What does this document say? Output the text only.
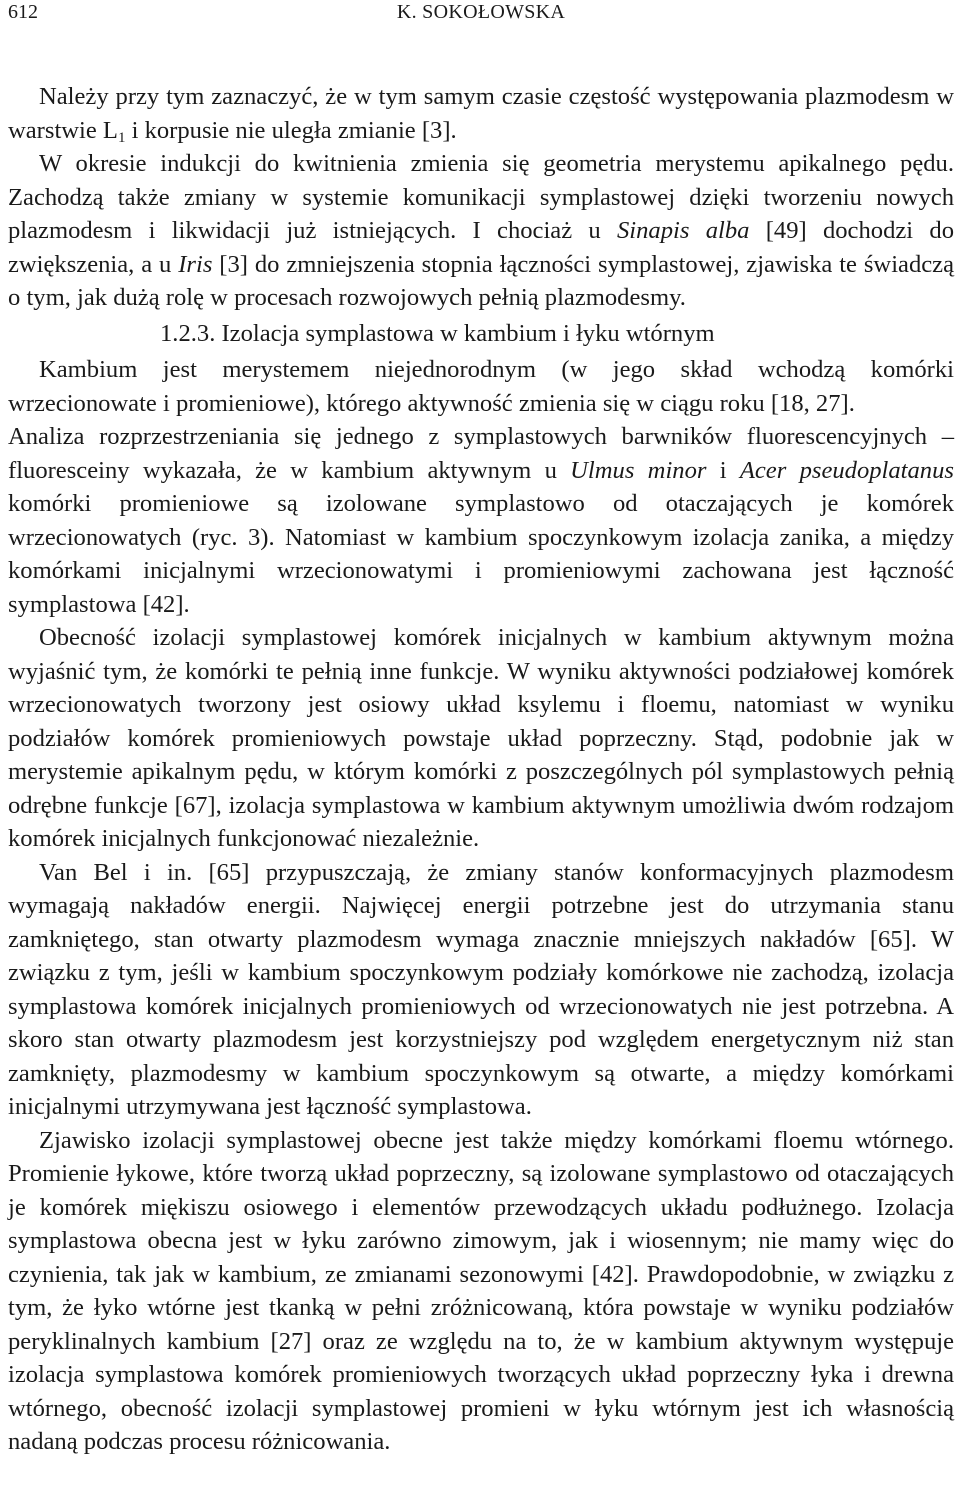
612	K. SOKOŁOWSKA

Należy przy tym zaznaczyć, że w tym samym czasie częstość występowania plazmodesm w warstwie $L_1$ i korpusie nie uległa zmianie [3].

W okresie indukcji do kwitnienia zmienia się geometria merystemu apikalnego pędu. Zachodzą także zmiany w systemie komunikacji symplastowej dzięki tworzeniu nowych plazmodesm i likwidacji już istniejących. I chociaż u Sinapis alba [49] dochodzi do zwiększenia, a u Iris [3] do zmniejszenia stopnia łączności symplastowej, zjawiska te świadczą o tym, jak dużą rolę w procesach rozwojowych pełnią plazmodesmy.

1.2.3. Izolacja symplastowa w kambium i łyku wtórnym

Kambium jest merystemem niejednorodnym (w jego skład wchodzą komórki wrzecionowate i promieniowe), którego aktywność zmienia się w ciągu roku [18, 27].

Analiza rozprzestrzeniania się jednego z symplastowych barwników fluorescencyjnych – fluoresceiny wykazała, że w kambium aktywnym u Ulmus minor i Acer pseudoplatanus komórki promieniowe są izolowane symplastowo od otaczających je komórek wrzecionowatych (ryc. 3). Natomiast w kambium spoczynkowym izolacja zanika, a między komórkami inicjalnymi wrzecionowatymi i promieniowymi zachowana jest łączność symplastowa [42].

Obecność izolacji symplastowej komórek inicjalnych w kambium aktywnym można wyjaśnić tym, że komórki te pełnią inne funkcje. W wyniku aktywności podziałowej komórek wrzecionowatych tworzony jest osiowy układ ksylemu i floemu, natomiast w wyniku podziałów komórek promieniowych powstaje układ poprzeczny. Stąd, podobnie jak w merystemie apikalnym pędu, w którym komórki z poszczególnych pól symplastowych pełnią odrębne funkcje [67], izolacja symplastowa w kambium aktywnym umożliwia dwóm rodzajom komórek inicjalnych funkcjonować niezależnie.

Van Bel i in. [65] przypuszczają, że zmiany stanów konformacyjnych plazmodesm wymagają nakładów energii. Najwięcej energii potrzebne jest do utrzymania stanu zamkniętego, stan otwarty plazmodesm wymaga znacznie mniejszych nakładów [65]. W związku z tym, jeśli w kambium spoczynkowym podziały komórkowe nie zachodzą, izolacja symplastowa komórek inicjalnych promieniowych od wrzecionowatych nie jest potrzebna. A skoro stan otwarty plazmodesm jest korzystniejszy pod względem energetycznym niż stan zamknięty, plazmodesmy w kambium spoczynkowym są otwarte, a między komórkami inicjalnymi utrzymywana jest łączność symplastowa.

Zjawisko izolacji symplastowej obecne jest także między komórkami floemu wtórnego. Promienie łykowe, które tworzą układ poprzeczny, są izolowane symplastowo od otaczających je komórek miękiszu osiowego i elementów przewodzących układu podłużnego. Izolacja symplastowa obecna jest w łyku zarówno zimowym, jak i wiosennym; nie mamy więc do czynienia, tak jak w kambium, ze zmianami sezonowymi [42]. Prawdopodobnie, w związku z tym, że łyko wtórne jest tkanką w pełni zróżnicowaną, która powstaje w wyniku podziałów peryklinalnych kambium [27] oraz ze względu na to, że w kambium aktywnym występuje izolacja symplastowa komórek promieniowych tworzących układ poprzeczny łyka i drewna wtórnego, obecność izolacji symplastowej promieni w łyku wtórnym jest ich własnością nadaną podczas procesu różnicowania.
